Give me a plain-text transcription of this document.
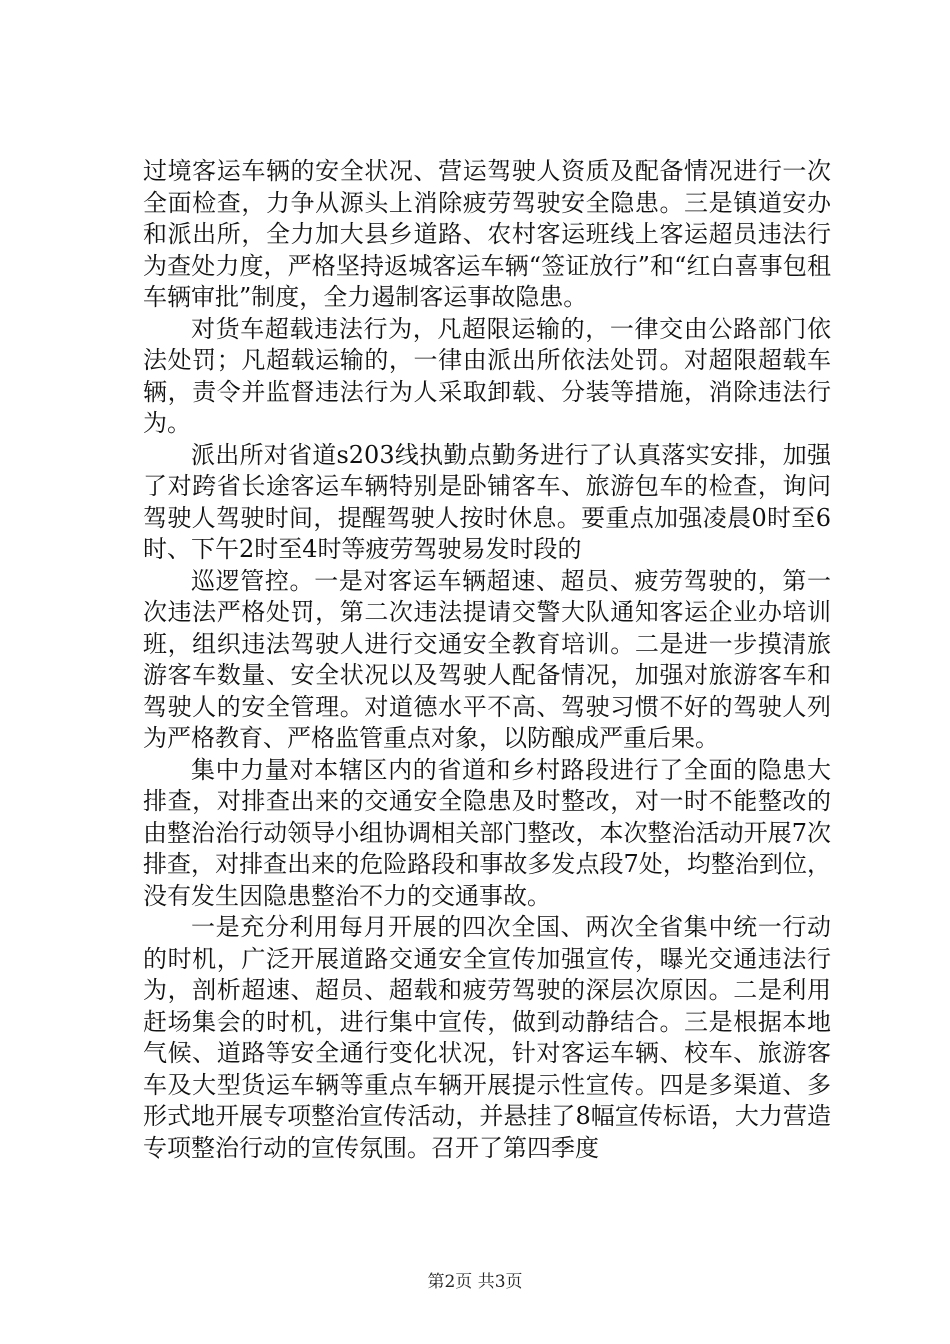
过境客运车辆的安全状况、营运驾驶人资质及配备情况进行一次全面检查，力争从源头上消除疲劳驾驶安全隐患。三是镇道安办和派出所，全力加大县乡道路、农村客运班线上客运超员违法行为查处力度，严格坚持返城客运车辆“签证放行”和“红白喜事包租车辆审批”制度，全力遏制客运事故隐患。

对货车超载违法行为，凡超限运输的，一律交由公路部门依法处罚；凡超载运输的，一律由派出所依法处罚。对超限超载车辆，责令并监督违法行为人采取卸载、分装等措施，消除违法行为。

派出所对省道s203线执勤点勤务进行了认真落实安排，加强了对跨省长途客运车辆特别是卧铺客车、旅游包车的检查，询问驾驶人驾驶时间，提醒驾驶人按时休息。要重点加强凌晨0时至6时、下午2时至4时等疲劳驾驶易发时段的

巡逻管控。一是对客运车辆超速、超员、疲劳驾驶的，第一次违法严格处罚，第二次违法提请交警大队通知客运企业办培训班，组织违法驾驶人进行交通安全教育培训。二是进一步摸清旅游客车数量、安全状况以及驾驶人配备情况，加强对旅游客车和驾驶人的安全管理。对道德水平不高、驾驶习惯不好的驾驶人列为严格教育、严格监管重点对象，以防酿成严重后果。

集中力量对本辖区内的省道和乡村路段进行了全面的隐患大排查，对排查出来的交通安全隐患及时整改，对一时不能整改的由整治治行动领导小组协调相关部门整改，本次整治活动开展7次排查，对排查出来的危险路段和事故多发点段7处，均整治到位，没有发生因隐患整治不力的交通事故。

一是充分利用每月开展的四次全国、两次全省集中统一行动的时机，广泛开展道路交通安全宣传加强宣传，曝光交通违法行为，剖析超速、超员、超载和疲劳驾驶的深层次原因。二是利用赶场集会的时机，进行集中宣传，做到动静结合。三是根据本地气候、道路等安全通行变化状况，针对客运车辆、校车、旅游客车及大型货运车辆等重点车辆开展提示性宣传。四是多渠道、多形式地开展专项整治宣传活动，并悬挂了8幅宣传标语，大力营造专项整治行动的宣传氛围。召开了第四季度

第2页 共3页
